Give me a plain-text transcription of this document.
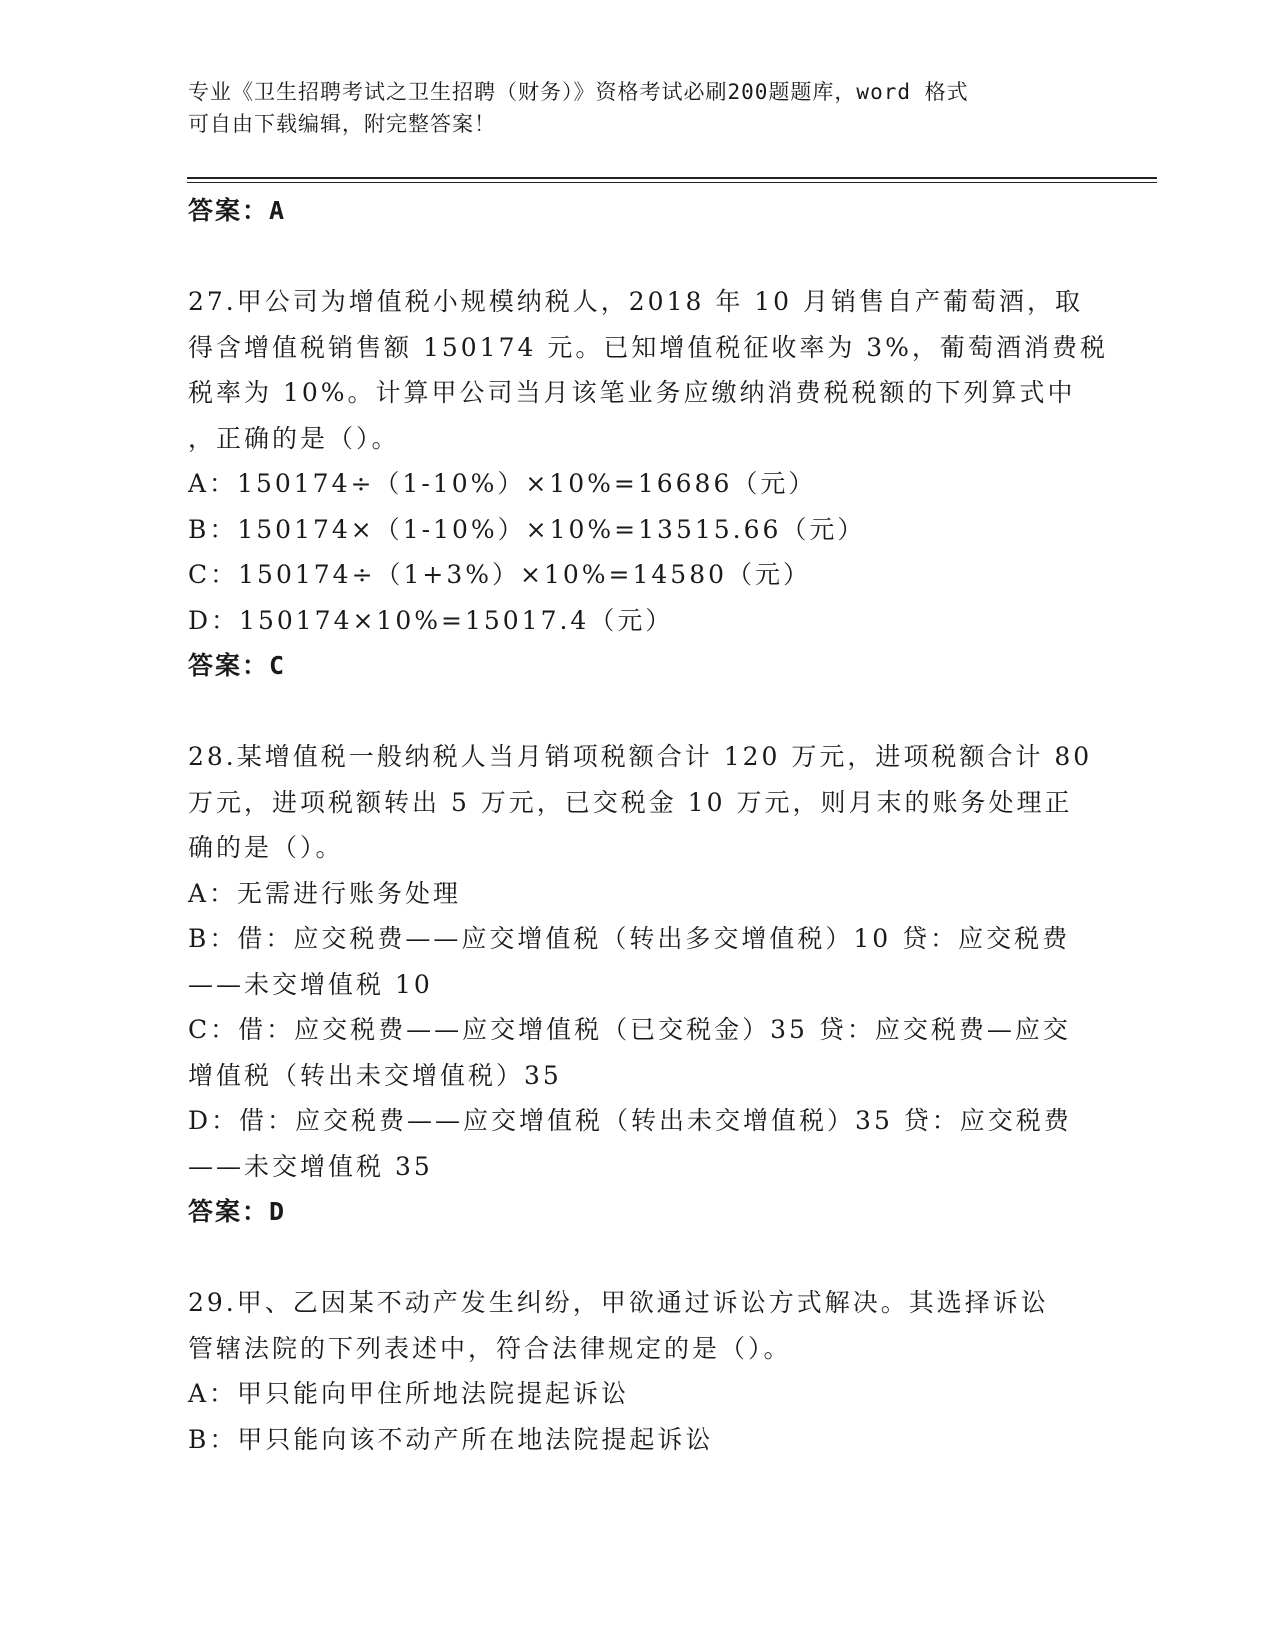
专业《卫生招聘考试之卫生招聘（财务）》资格考试必刷200题题库，word 格式
可自由下载编辑，附完整答案！
答案：A
27.甲公司为增值税小规模纳税人，2018 年 10 月销售自产葡萄酒，取
得含增值税销售额 150174 元。已知增值税征收率为 3%，葡萄酒消费税
税率为 10%。计算甲公司当月该笔业务应缴纳消费税税额的下列算式中
，正确的是（）。
A：150174÷（1-10%）×10%=16686（元）
B：150174×（1-10%）×10%=13515.66（元）
C：150174÷（1+3%）×10%=14580（元）
D：150174×10%=15017.4（元）
答案：C
28.某增值税一般纳税人当月销项税额合计 120 万元，进项税额合计 80
万元，进项税额转出 5 万元，已交税金 10 万元，则月末的账务处理正
确的是（）。
A：无需进行账务处理
B：借：应交税费——应交增值税（转出多交增值税）10 贷：应交税费
——未交增值税 10
C：借：应交税费——应交增值税（已交税金）35 贷：应交税费—应交
增值税（转出未交增值税）35
D：借：应交税费——应交增值税（转出未交增值税）35 贷：应交税费
——未交增值税 35
答案：D
29.甲、乙因某不动产发生纠纷，甲欲通过诉讼方式解决。其选择诉讼
管辖法院的下列表述中，符合法律规定的是（）。
A：甲只能向甲住所地法院提起诉讼
B：甲只能向该不动产所在地法院提起诉讼
